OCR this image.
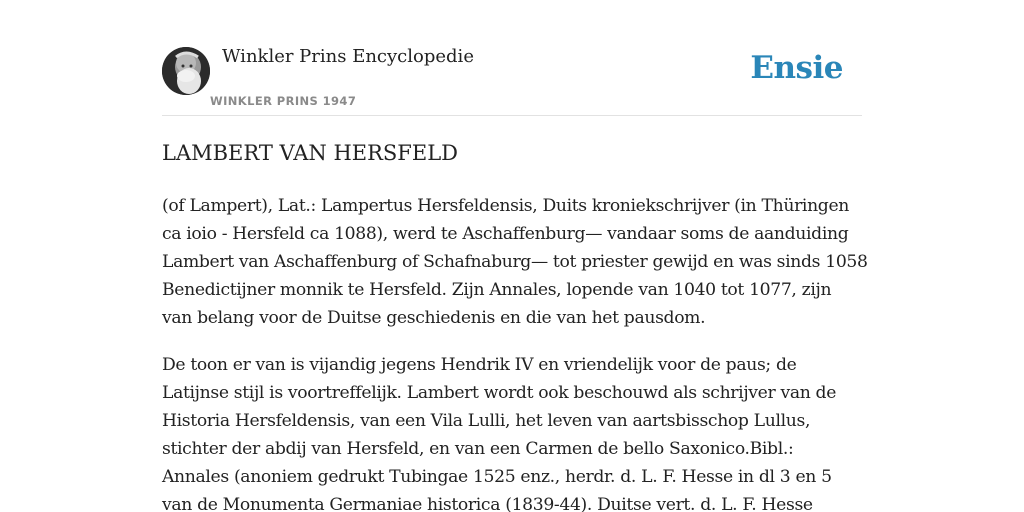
Winkler Prins Encyclopedie
WINKLER PRINS 1947
Ensie
LAMBERT VAN HERSFELD

(of Lampert), Lat.: Lampertus Hersfeldensis, Duits kroniekschrijver (in Thüringen
ca ioio - Hersfeld ca 1088), werd te Aschaffenburg— vandaar soms de aanduiding
Lambert van Aschaffenburg of Schafnaburg— tot priester gewijd en was sinds 1058
Benedictijner monnik te Hersfeld. Zijn Annales, lopende van 1040 tot 1077, zijn
van belang voor de Duitse geschiedenis en die van het pausdom.

De toon er van is vijandig jegens Hendrik IV en vriendelijk voor de paus; de
Latijnse stijl is voortreffelijk. Lambert wordt ook beschouwd als schrijver van de
Historia Hersfeldensis, van een Vila Lulli, het leven van aartsbisschop Lullus,
stichter der abdij van Hersfeld, en van een Carmen de bello Saxonico.Bibl.:
Annales (anoniem gedrukt Tubingae 1525 enz., herdr. d. L. F. Hesse in dl 3 en 5
van de Monumenta Germaniae historica (1839-44). Duitse vert. d. L. F. Hesse
